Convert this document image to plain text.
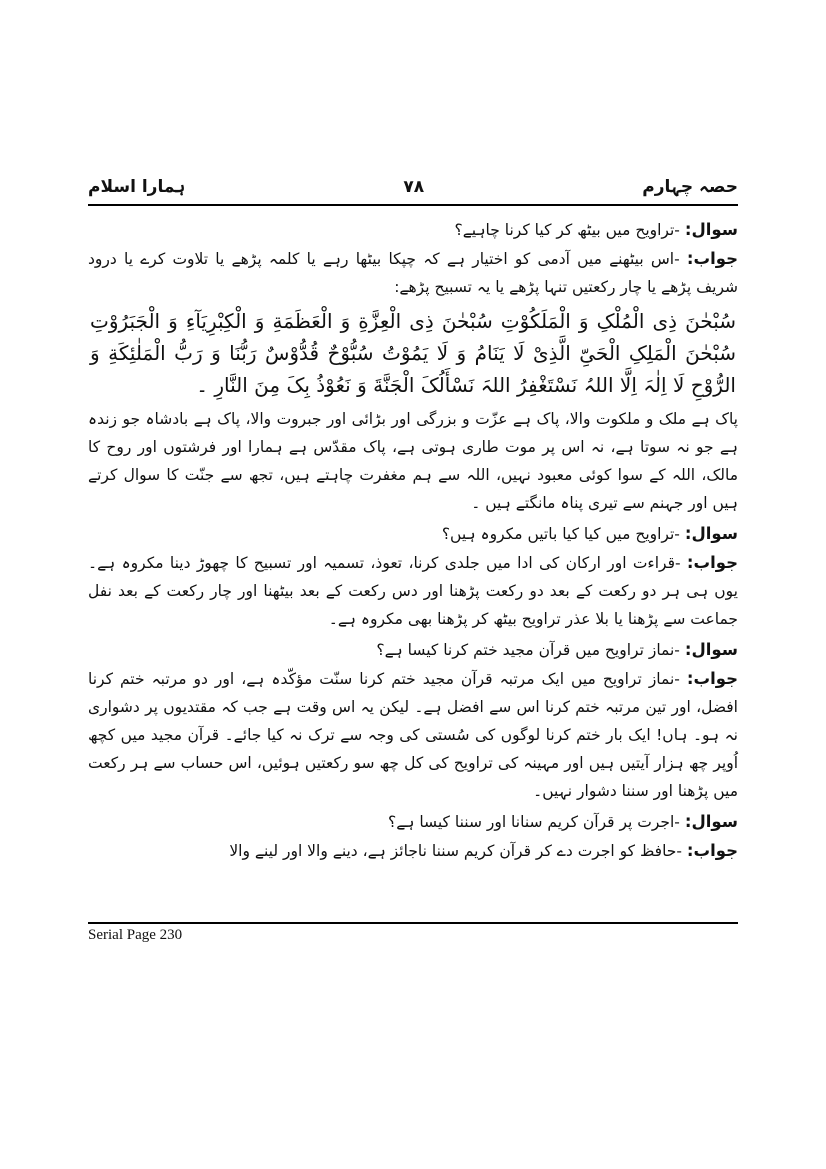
حصہ چہارم
۷۸
ہمارا اسلام

سوال: -تراویح میں بیٹھ کر کیا کرنا چاہیے؟

جواب: -اس بیٹھنے میں آدمی کو اختیار ہے کہ چپکا بیٹھا رہے یا کلمہ پڑھے یا تلاوت کرے یا درود شریف پڑھے یا چار رکعتیں تنہا پڑھے یا یہ تسبیح پڑھے:

سُبْحٰنَ ذِی الْمُلْکِ وَ الْمَلَکُوْتِ سُبْحٰنَ ذِی الْعِزَّةِ وَ الْعَظَمَةِ وَ الْکِبْرِیَآءِ وَ الْجَبَرُوْتِ سُبْحٰنَ الْمَلِکِ الْحَیِّ الَّذِیْ لَا یَنَامُ وَ لَا یَمُوْتُ سُبُّوْحٌ قُدُّوْسٌ رَبُّنَا وَ رَبُّ الْمَلٰئِکَةِ وَ الرُّوْحِ لَا اِلٰہَ اِلَّا اللہُ نَسْتَغْفِرُ اللہَ نَسْأَلُکَ الْجَنَّةَ وَ نَعُوْذُ بِکَ مِنَ النَّارِ ۔

پاک ہے ملک و ملکوت والا، پاک ہے عزّت و بزرگی اور بڑائی اور جبروت والا، پاک ہے بادشاہ جو زندہ ہے جو نہ سوتا ہے، نہ اس پر موت طاری ہوتی ہے، پاک مقدّس ہے ہمارا اور فرشتوں اور روح کا مالک، اللہ کے سوا کوئی معبود نہیں، اللہ سے ہم مغفرت چاہتے ہیں، تجھ سے جنّت کا سوال کرتے ہیں اور جہنم سے تیری پناہ مانگتے ہیں ۔

سوال: -تراویح میں کیا کیا باتیں مکروہ ہیں؟

جواب: -قراءت اور ارکان کی ادا میں جلدی کرنا، تعوذ، تسمیہ اور تسبیح کا چھوڑ دینا مکروہ ہے۔ یوں ہی ہر دو رکعت کے بعد دو رکعت پڑھنا اور دس رکعت کے بعد بیٹھنا اور چار رکعت کے بعد نفل جماعت سے پڑھنا یا بلا عذر تراویح بیٹھ کر پڑھنا بھی مکروہ ہے۔

سوال: -نماز تراویح میں قرآن مجید ختم کرنا کیسا ہے؟

جواب: -نماز تراویح میں ایک مرتبہ قرآن مجید ختم کرنا سنّت مؤکّدہ ہے، اور دو مرتبہ ختم کرنا افضل، اور تین مرتبہ ختم کرنا اس سے افضل ہے۔ لیکن یہ اس وقت ہے جب کہ مقتدیوں پر دشواری نہ ہو۔ ہاں! ایک بار ختم کرنا لوگوں کی سُستی کی وجہ سے ترک نہ کیا جائے۔ قرآن مجید میں کچھ اُوپر چھ ہزار آیتیں ہیں اور مہینہ کی تراویح کی کل چھ سو رکعتیں ہوئیں، اس حساب سے ہر رکعت میں پڑھنا اور سننا دشوار نہیں۔

سوال: -اجرت پر قرآن کریم سنانا اور سننا کیسا ہے؟

جواب: -حافظ کو اجرت دے کر قرآن کریم سننا ناجائز ہے، دینے والا اور لینے والا

Serial Page 230
